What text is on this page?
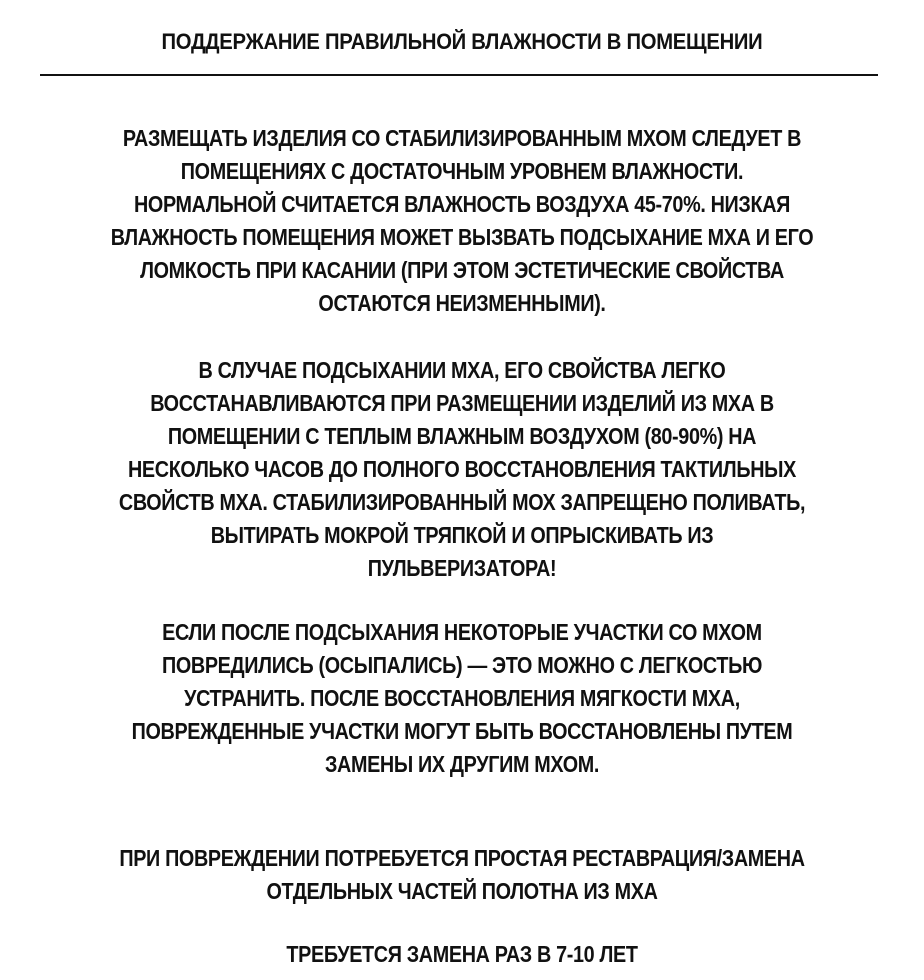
ПОДДЕРЖАНИЕ ПРАВИЛЬНОЙ ВЛАЖНОСТИ В ПОМЕЩЕНИИ

РАЗМЕЩАТЬ ИЗДЕЛИЯ СО СТАБИЛИЗИРОВАННЫМ МХОМ СЛЕДУЕТ В
ПОМЕЩЕНИЯХ С ДОСТАТОЧНЫМ УРОВНЕМ ВЛАЖНОСТИ.
НОРМАЛЬНОЙ СЧИТАЕТСЯ ВЛАЖНОСТЬ ВОЗДУХА 45-70%. НИЗКАЯ
ВЛАЖНОСТЬ ПОМЕЩЕНИЯ МОЖЕТ ВЫЗВАТЬ ПОДСЫХАНИЕ МХА И ЕГО
ЛОМКОСТЬ ПРИ КАСАНИИ (ПРИ ЭТОМ ЭСТЕТИЧЕСКИЕ СВОЙСТВА
ОСТАЮТСЯ НЕИЗМЕННЫМИ).

В СЛУЧАЕ ПОДСЫХАНИИ МХА, ЕГО СВОЙСТВА ЛЕГКО
ВОССТАНАВЛИВАЮТСЯ ПРИ РАЗМЕЩЕНИИ ИЗДЕЛИЙ ИЗ МХА В
ПОМЕЩЕНИИ С ТЕПЛЫМ ВЛАЖНЫМ ВОЗДУХОМ (80-90%) НА
НЕСКОЛЬКО ЧАСОВ ДО ПОЛНОГО ВОССТАНОВЛЕНИЯ ТАКТИЛЬНЫХ
СВОЙСТВ МХА. СТАБИЛИЗИРОВАННЫЙ МОХ ЗАПРЕЩЕНО ПОЛИВАТЬ,
ВЫТИРАТЬ МОКРОЙ ТРЯПКОЙ И ОПРЫСКИВАТЬ ИЗ
ПУЛЬВЕРИЗАТОРА!

ЕСЛИ ПОСЛЕ ПОДСЫХАНИЯ НЕКОТОРЫЕ УЧАСТКИ СО МХОМ
ПОВРЕДИЛИСЬ (ОСЫПАЛИСЬ) — ЭТО МОЖНО С ЛЕГКОСТЬЮ
УСТРАНИТЬ. ПОСЛЕ ВОССТАНОВЛЕНИЯ МЯГКОСТИ МХА,
ПОВРЕЖДЕННЫЕ УЧАСТКИ МОГУТ БЫТЬ ВОССТАНОВЛЕНЫ ПУТЕМ
ЗАМЕНЫ ИХ ДРУГИМ МХОМ.

ПРИ ПОВРЕЖДЕНИИ ПОТРЕБУЕТСЯ ПРОСТАЯ РЕСТАВРАЦИЯ/ЗАМЕНА
ОТДЕЛЬНЫХ ЧАСТЕЙ ПОЛОТНА ИЗ МХА

ТРЕБУЕТСЯ ЗАМЕНА РАЗ В 7-10 ЛЕТ
